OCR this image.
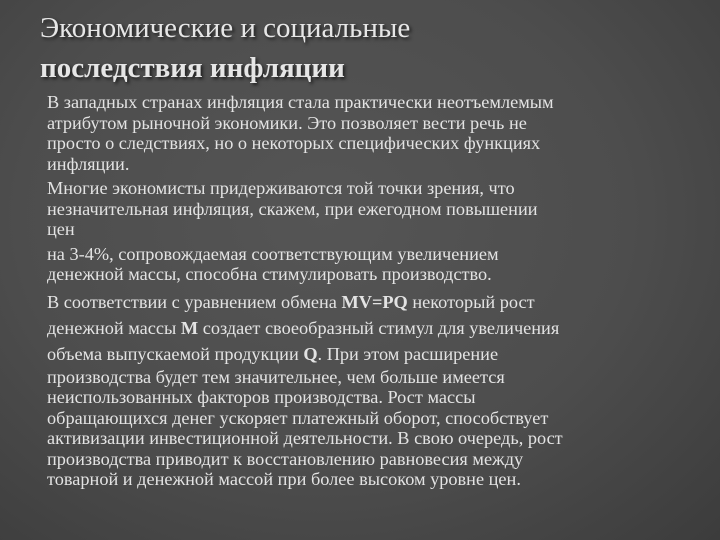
Экономические и социальные
последствия инфляции
В западных странах инфляция стала практически неотъемлемым
атрибутом рыночной экономики. Это позволяет вести речь не
просто о следствиях, но о некоторых специфических функциях
инфляции.
Многие экономисты придерживаются той точки зрения, что
незначительная инфляция, скажем, при ежегодном повышении
цен
на 3-4%, сопровождаемая соответствующим увеличением
денежной массы, способна стимулировать производство.
В соответствии с уравнением обмена MV=PQ некоторый рост
денежной массы М создает своеобразный стимул для увеличения
объема выпускаемой продукции Q. При этом расширение
производства будет тем значительнее, чем больше имеется
неиспользованных факторов производства. Рост массы
обращающихся денег ускоряет платежный оборот, способствует
активизации инвестиционной деятельности. В свою очередь, рост
производства приводит к восстановлению равновесия между
товарной и денежной массой при более высоком уровне цен.
